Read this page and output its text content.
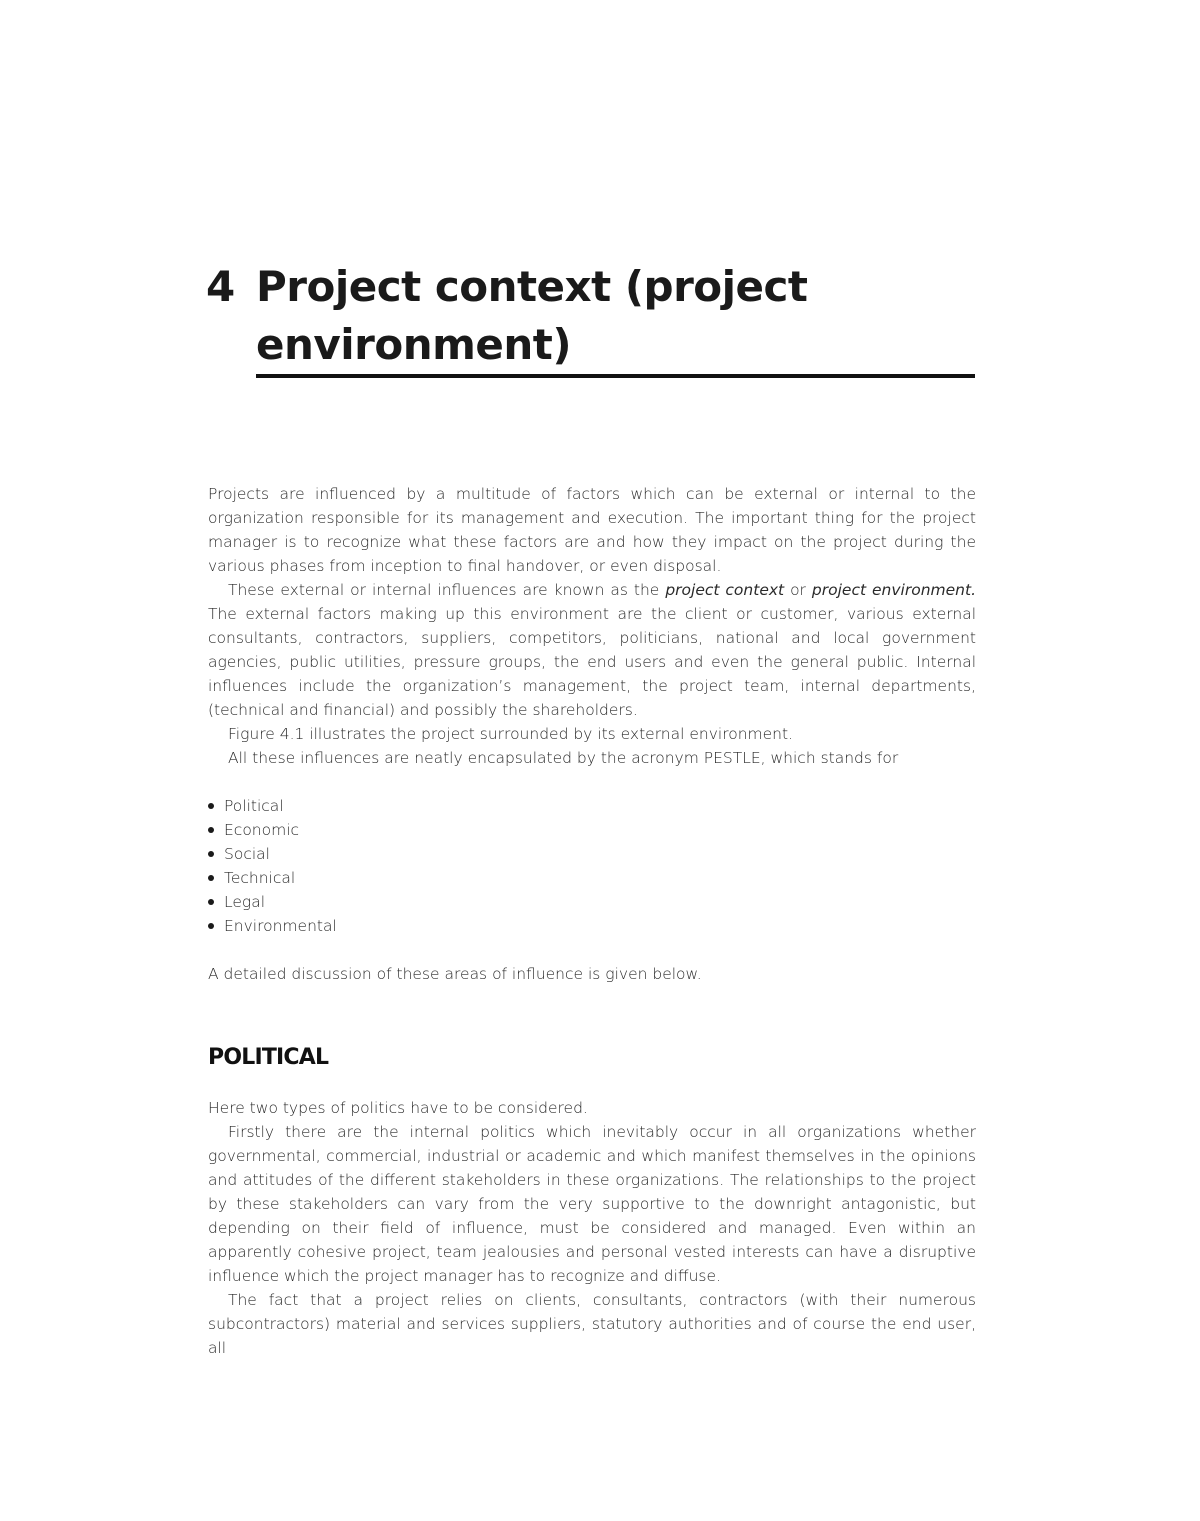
4 Project context (project environment)

Projects are influenced by a multitude of factors which can be external or internal to the organization responsible for its management and execution. The important thing for the project manager is to recognize what these factors are and how they impact on the project during the various phases from inception to final handover, or even disposal.

These external or internal influences are known as the project context or project environment. The external factors making up this environment are the client or customer, various external consultants, contractors, suppliers, competitors, politicians, national and local government agencies, public utilities, pressure groups, the end users and even the general public. Internal influences include the organization’s management, the project team, internal departments, (technical and financial) and possibly the shareholders.

Figure 4.1 illustrates the project surrounded by its external environment.

All these influences are neatly encapsulated by the acronym PESTLE, which stands for

Political
Economic
Social
Technical
Legal
Environmental

A detailed discussion of these areas of influence is given below.

POLITICAL

Here two types of politics have to be considered.

Firstly there are the internal politics which inevitably occur in all organizations whether governmental, commercial, industrial or academic and which manifest themselves in the opinions and attitudes of the different stakeholders in these organizations. The relationships to the project by these stakeholders can vary from the very supportive to the downright antagonistic, but depending on their field of influence, must be considered and managed. Even within an apparently cohesive project, team jealousies and personal vested interests can have a disruptive influence which the project manager has to recognize and diffuse.

The fact that a project relies on clients, consultants, contractors (with their numerous subcontractors) material and services suppliers, statutory authorities and of course the end user, all
